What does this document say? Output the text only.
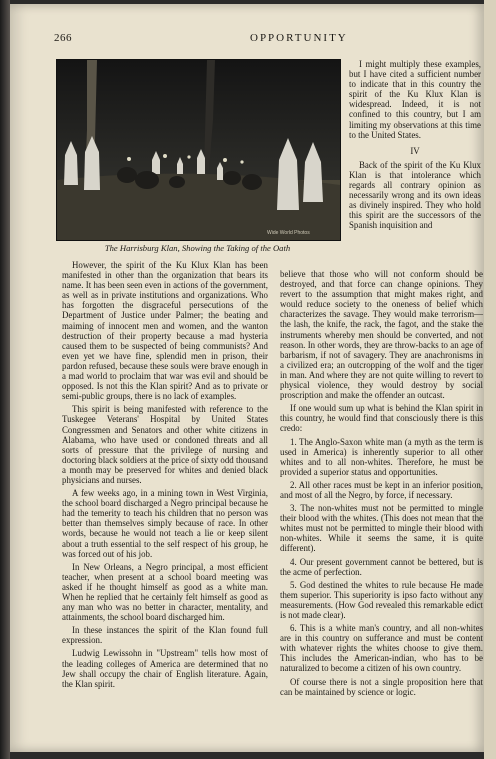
266	OPPORTUNITY
Wide World Photos
The Harrisburg Klan, Showing the Taking of the Oath

I might multiply these examples, but I have cited a sufficient number to indicate that in this country the spirit of the Ku Klux Klan is widespread. Indeed, it is not confined to this country, but I am limiting my observations at this time to the United States.

IV

Back of the spirit of the Ku Klux Klan is that intolerance which regards all contrary opinion as necessarily wrong and its own ideas as divinely inspired. They who hold this spirit are the successors of the Spanish inquisition and

However, the spirit of the Ku Klux Klan has been manifested in other than the organization that bears its name. It has been seen even in actions of the government, as well as in private institutions and organizations. Who has forgotten the disgraceful persecutions of the Department of Justice under Palmer; the beating and maiming of innocent men and women, and the wanton destruction of their property because a mad hysteria caused them to be suspected of being communists? And even yet we have fine, splendid men in prison, their pardon refused, because these souls were brave enough in a mad world to proclaim that war was evil and should be opposed. Is not this the Klan spirit? And as to private or semi-public groups, there is no lack of examples.

This spirit is being manifested with reference to the Tuskegee Veterans' Hospital by United States Congressmen and Senators and other white citizens in Alabama, who have used or condoned threats and all sorts of pressure that the privilege of nursing and doctoring black soldiers at the price of sixty odd thousand a month may be preserved for whites and denied black physicians and nurses.

A few weeks ago, in a mining town in West Virginia, the school board discharged a Negro principal because he had the temerity to teach his children that no person was better than themselves simply because of race. In other words, because he would not teach a lie or keep silent about a truth essential to the self respect of his group, he was forced out of his job.

In New Orleans, a Negro principal, a most efficient teacher, when present at a school board meeting was asked if he thought himself as good as a white man. When he replied that he certainly felt himself as good as any man who was no better in character, mentality, and attainments, the school board discharged him.

In these instances the spirit of the Klan found full expression.

Ludwig Lewissohn in "Upstream" tells how most of the leading colleges of America are determined that no Jew shall occupy the chair of English literature. Again, the Klan spirit.

believe that those who will not conform should be destroyed, and that force can change opinions. They revert to the assumption that might makes right, and would reduce society to the oneness of belief which characterizes the savage. They would make terrorism—the lash, the knife, the rack, the fagot, and the stake the instruments whereby men should be converted, and not reason. In other words, they are throw-backs to an age of barbarism, if not of savagery. They are anachronisms in a civilized era; an outcropping of the wolf and the tiger in man. And where they are not quite willing to revert to physical violence, they would destroy by social proscription and make the offender an outcast.

If one would sum up what is behind the Klan spirit in this country, he would find that consciously there is this credo:

1. The Anglo-Saxon white man (a myth as the term is used in America) is inherently superior to all other whites and to all non-whites. Therefore, he must be provided a superior status and opportunities.

2. All other races must be kept in an inferior position, and most of all the Negro, by force, if necessary.

3. The non-whites must not be permitted to mingle their blood with the whites. (This does not mean that the whites must not be permitted to mingle their blood with non-whites. While it seems the same, it is quite different).

4. Our present government cannot be bettered, but is the acme of perfection.

5. God destined the whites to rule because He made them superior. This superiority is ipso facto without any measurements. (How God revealed this remarkable edict is not made clear).

6. This is a white man's country, and all non-whites are in this country on sufferance and must be content with whatever rights the whites choose to give them. This includes the American-indian, who has to be naturalized to become a citizen of his own country.

Of course there is not a single proposition here that can be maintained by science or logic.
